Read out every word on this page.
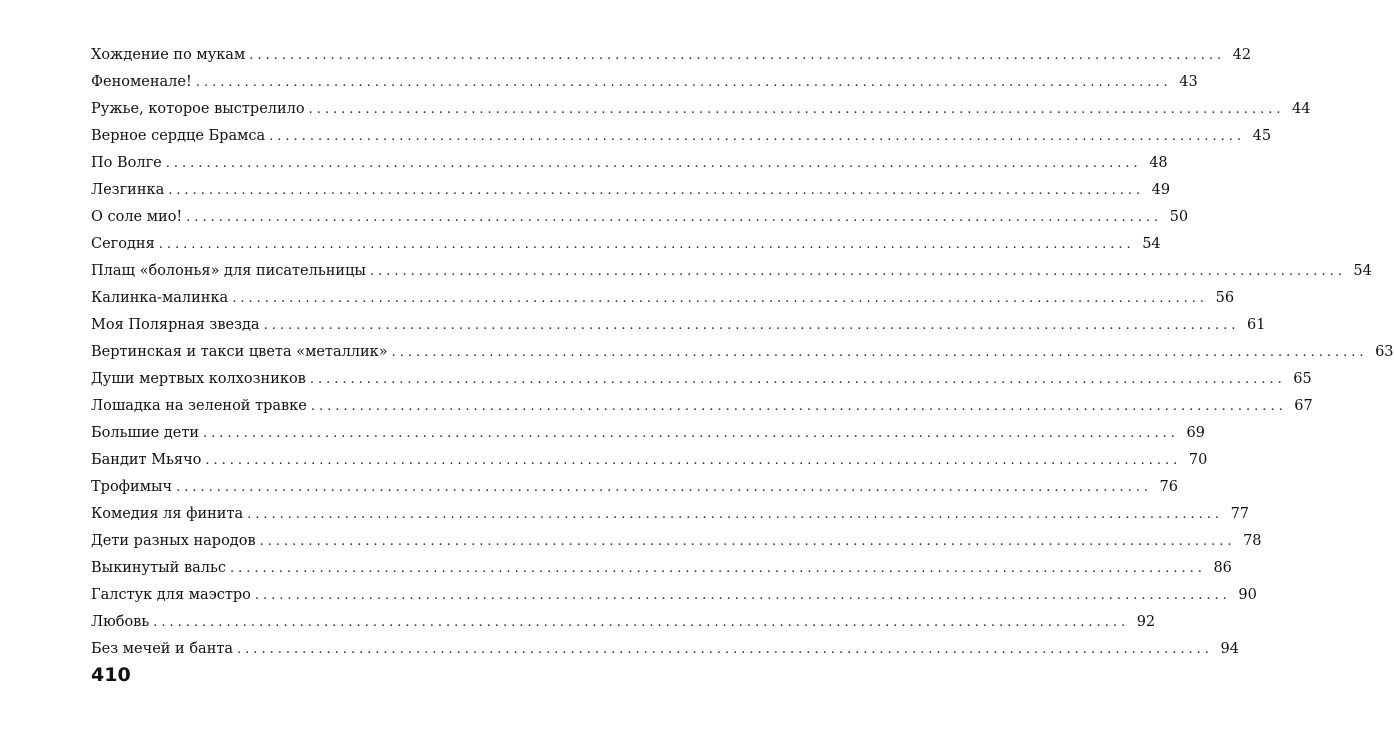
Хождение по мукам ........................................................................................................................ 42
Феноменале! ........................................................................................................................ 43
Ружье, которое выстрелило ........................................................................................................................ 44
Верное сердце Брамса ........................................................................................................................ 45
По Волге ........................................................................................................................ 48
Лезгинка ........................................................................................................................ 49
О соле мио! ........................................................................................................................ 50
Сегодня ........................................................................................................................ 54
Плащ «болонья» для писательницы ........................................................................................................................ 54
Калинка-малинка ........................................................................................................................ 56
Моя Полярная звезда ........................................................................................................................ 61
Вертинская и такси цвета «металлик» ........................................................................................................................ 63
Души мертвых колхозников ........................................................................................................................ 65
Лошадка на зеленой травке ........................................................................................................................ 67
Большие дети ........................................................................................................................ 69
Бандит Мьячо ........................................................................................................................ 70
Трофимыч ........................................................................................................................ 76
Комедия ля финита ........................................................................................................................ 77
Дети разных народов ........................................................................................................................ 78
Выкинутый вальс ........................................................................................................................ 86
Галстук для маэстро ........................................................................................................................ 90
Любовь ........................................................................................................................ 92
Без мечей и банта ........................................................................................................................ 94
410
